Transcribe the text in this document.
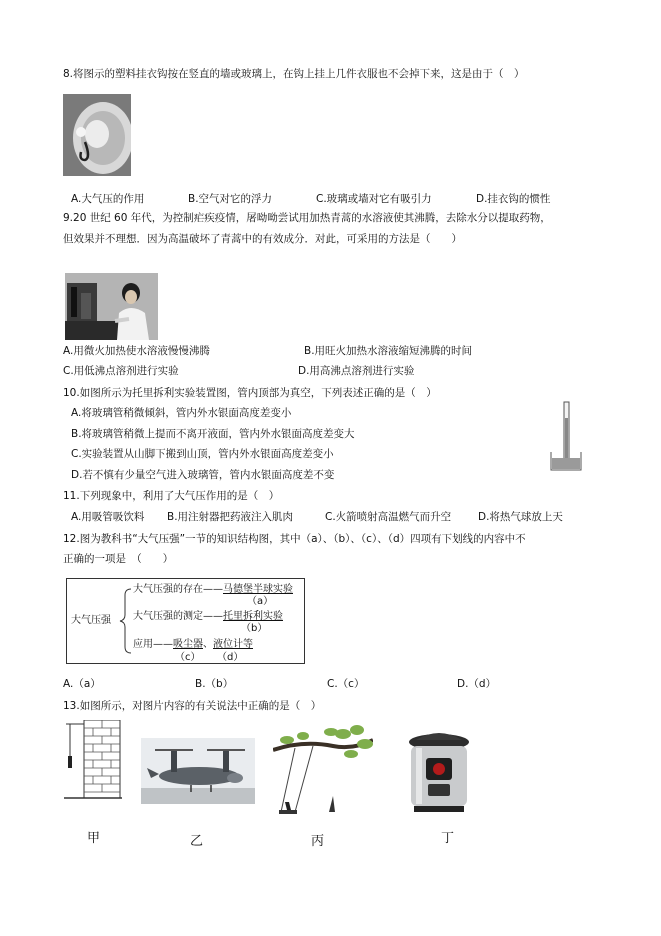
8.将图示的塑料挂衣钩按在竖直的墙或玻璃上，在钩上挂上几件衣服也不会掉下来，这是由于（　）
A.大气压的作用	B.空气对它的浮力	C.玻璃或墙对它有吸引力	D.挂衣钩的惯性
9.20 世纪 60 年代，为控制疟疾疫情，屠呦呦尝试用加热青蒿的水溶液使其沸腾，去除水分以提取药物，
但效果并不理想．因为高温破坏了青蒿中的有效成分．对此，可采用的方法是（　　）
A.用微火加热使水溶液慢慢沸腾	B.用旺火加热水溶液缩短沸腾的时间
C.用低沸点溶剂进行实验	D.用高沸点溶剂进行实验
10.如图所示为托里拆利实验装置图，管内顶部为真空，下列表述正确的是（　）
A.将玻璃管稍微倾斜，管内外水银面高度差变小
B.将玻璃管稍微上提而不离开液面，管内外水银面高度差变大
C.实验装置从山脚下搬到山顶，管内外水银面高度差变小
D.若不慎有少量空气进入玻璃管，管内水银面高度差不变
11.下列现象中，利用了大气压作用的是（　）
A.用吸管吸饮料 B.用注射器把药液注入肌肉	C.火箭喷射高温燃气而升空	D.将热气球放上天
12.图为教科书“大气压强”一节的知识结构图，其中（a）、（b）、（c）、（d）四项有下划线的内容中不
正确的一项是　（　　）
大气压强
大气压强的存在——马德堡半球实验
（a）
大气压强的测定——托里拆利实验
（b）
应用——吸尘器、液位计等
（c） （d）
A.（a）	B.（b）	C.（c）	D.（d）
13.如图所示，对图片内容的有关说法中正确的是（　）
甲	乙	丙	丁
